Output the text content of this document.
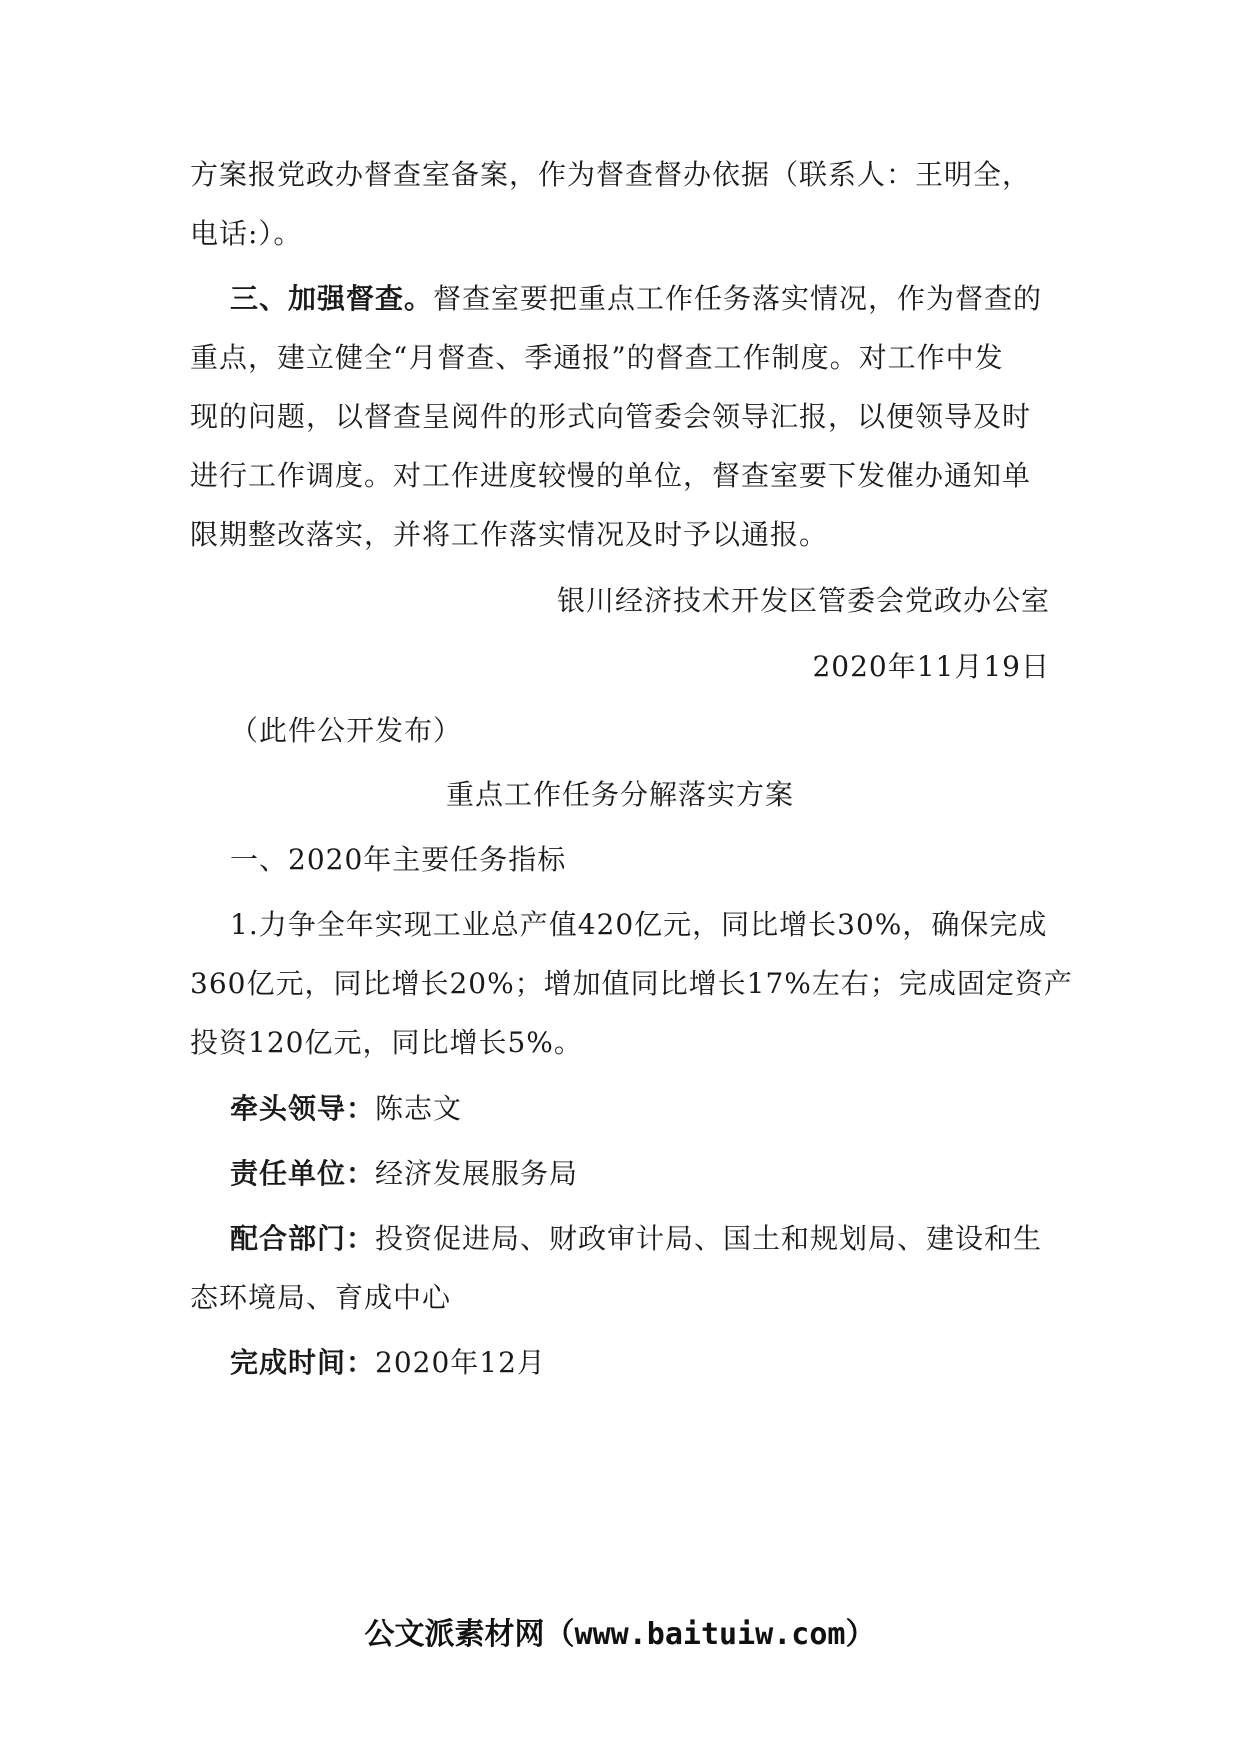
方案报党政办督查室备案，作为督查督办依据（联系人：王明全，
电话:）。
三、加强督查。督查室要把重点工作任务落实情况，作为督查的
重点，建立健全“月督查、季通报”的督查工作制度。对工作中发
现的问题，以督查呈阅件的形式向管委会领导汇报，以便领导及时
进行工作调度。对工作进度较慢的单位，督查室要下发催办通知单
限期整改落实，并将工作落实情况及时予以通报。
银川经济技术开发区管委会党政办公室
2020年11月19日
（此件公开发布）
重点工作任务分解落实方案
一、2020年主要任务指标
1.力争全年实现工业总产值420亿元，同比增长30%，确保完成
360亿元，同比增长20%；增加值同比增长17%左右；完成固定资产
投资120亿元，同比增长5%。
牵头领导：陈志文
责任单位：经济发展服务局
配合部门：投资促进局、财政审计局、国土和规划局、建设和生
态环境局、育成中心
完成时间：2020年12月
公文派素材网（www.baituiw.com）
